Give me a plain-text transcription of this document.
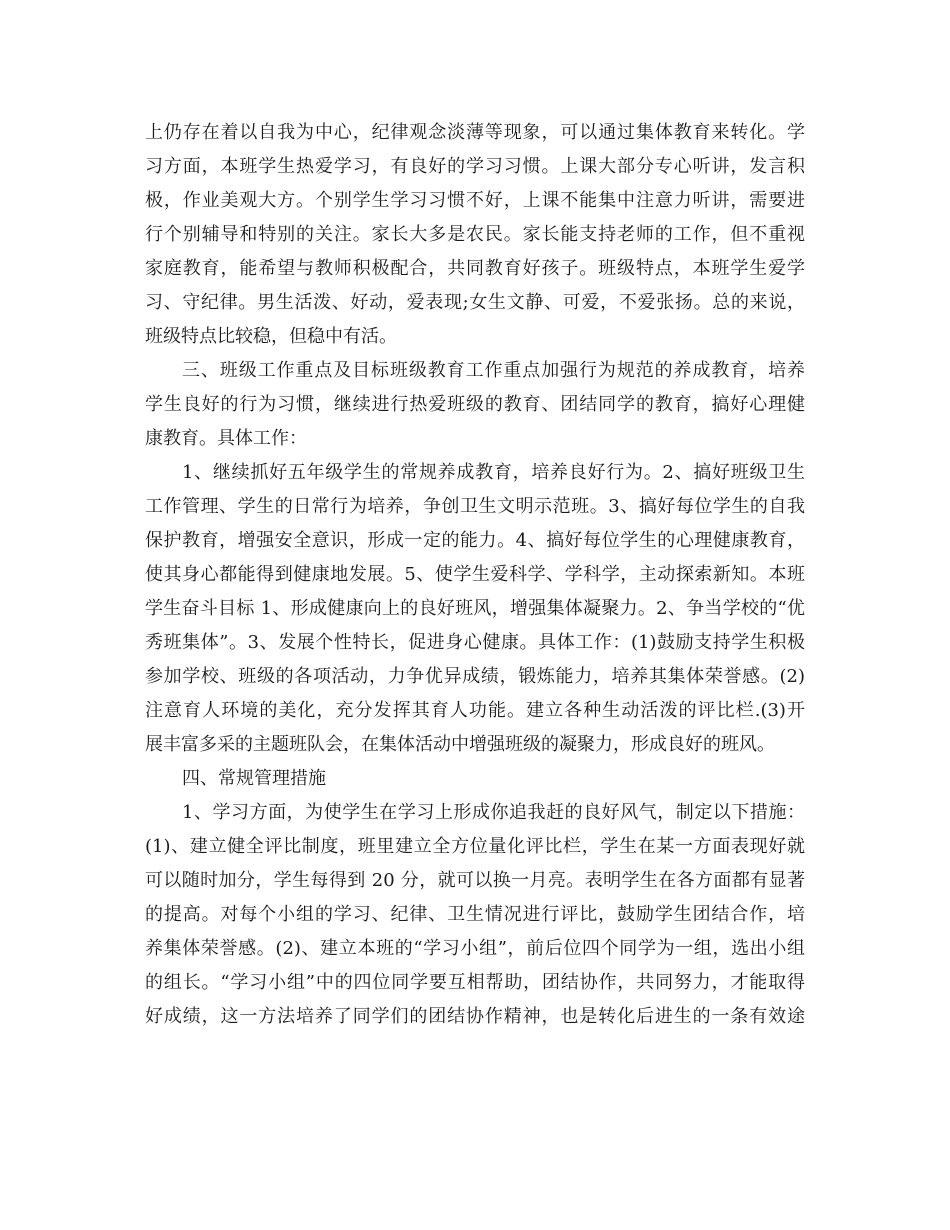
上仍存在着以自我为中心，纪律观念淡薄等现象，可以通过集体教育来转化。学
习方面，本班学生热爱学习，有良好的学习习惯。上课大部分专心听讲，发言积
极，作业美观大方。个别学生学习习惯不好，上课不能集中注意力听讲，需要进
行个别辅导和特别的关注。家长大多是农民。家长能支持老师的工作，但不重视
家庭教育，能希望与教师积极配合，共同教育好孩子。班级特点，本班学生爱学
习、守纪律。男生活泼、好动，爱表现;女生文静、可爱，不爱张扬。总的来说，
班级特点比较稳，但稳中有活。
三、班级工作重点及目标班级教育工作重点加强行为规范的养成教育，培养
学生良好的行为习惯，继续进行热爱班级的教育、团结同学的教育，搞好心理健
康教育。具体工作：
1、继续抓好五年级学生的常规养成教育，培养良好行为。2、搞好班级卫生
工作管理、学生的日常行为培养，争创卫生文明示范班。3、搞好每位学生的自我
保护教育，增强安全意识，形成一定的能力。4、搞好每位学生的心理健康教育，
使其身心都能得到健康地发展。5、使学生爱科学、学科学，主动探索新知。本班
学生奋斗目标 1、形成健康向上的良好班风，增强集体凝聚力。2、争当学校的“优
秀班集体”。3、发展个性特长，促进身心健康。具体工作：(1)鼓励支持学生积极
参加学校、班级的各项活动，力争优异成绩，锻炼能力，培养其集体荣誉感。(2)
注意育人环境的美化，充分发挥其育人功能。建立各种生动活泼的评比栏.(3)开
展丰富多采的主题班队会，在集体活动中增强班级的凝聚力，形成良好的班风。
四、常规管理措施
1、学习方面，为使学生在学习上形成你追我赶的良好风气，制定以下措施：
(1)、建立健全评比制度，班里建立全方位量化评比栏，学生在某一方面表现好就
可以随时加分，学生每得到 20 分，就可以换一月亮。表明学生在各方面都有显著
的提高。对每个小组的学习、纪律、卫生情况进行评比，鼓励学生团结合作，培
养集体荣誉感。(2)、建立本班的“学习小组”，前后位四个同学为一组，选出小组
的组长。“学习小组”中的四位同学要互相帮助，团结协作，共同努力，才能取得
好成绩，这一方法培养了同学们的团结协作精神，也是转化后进生的一条有效途
